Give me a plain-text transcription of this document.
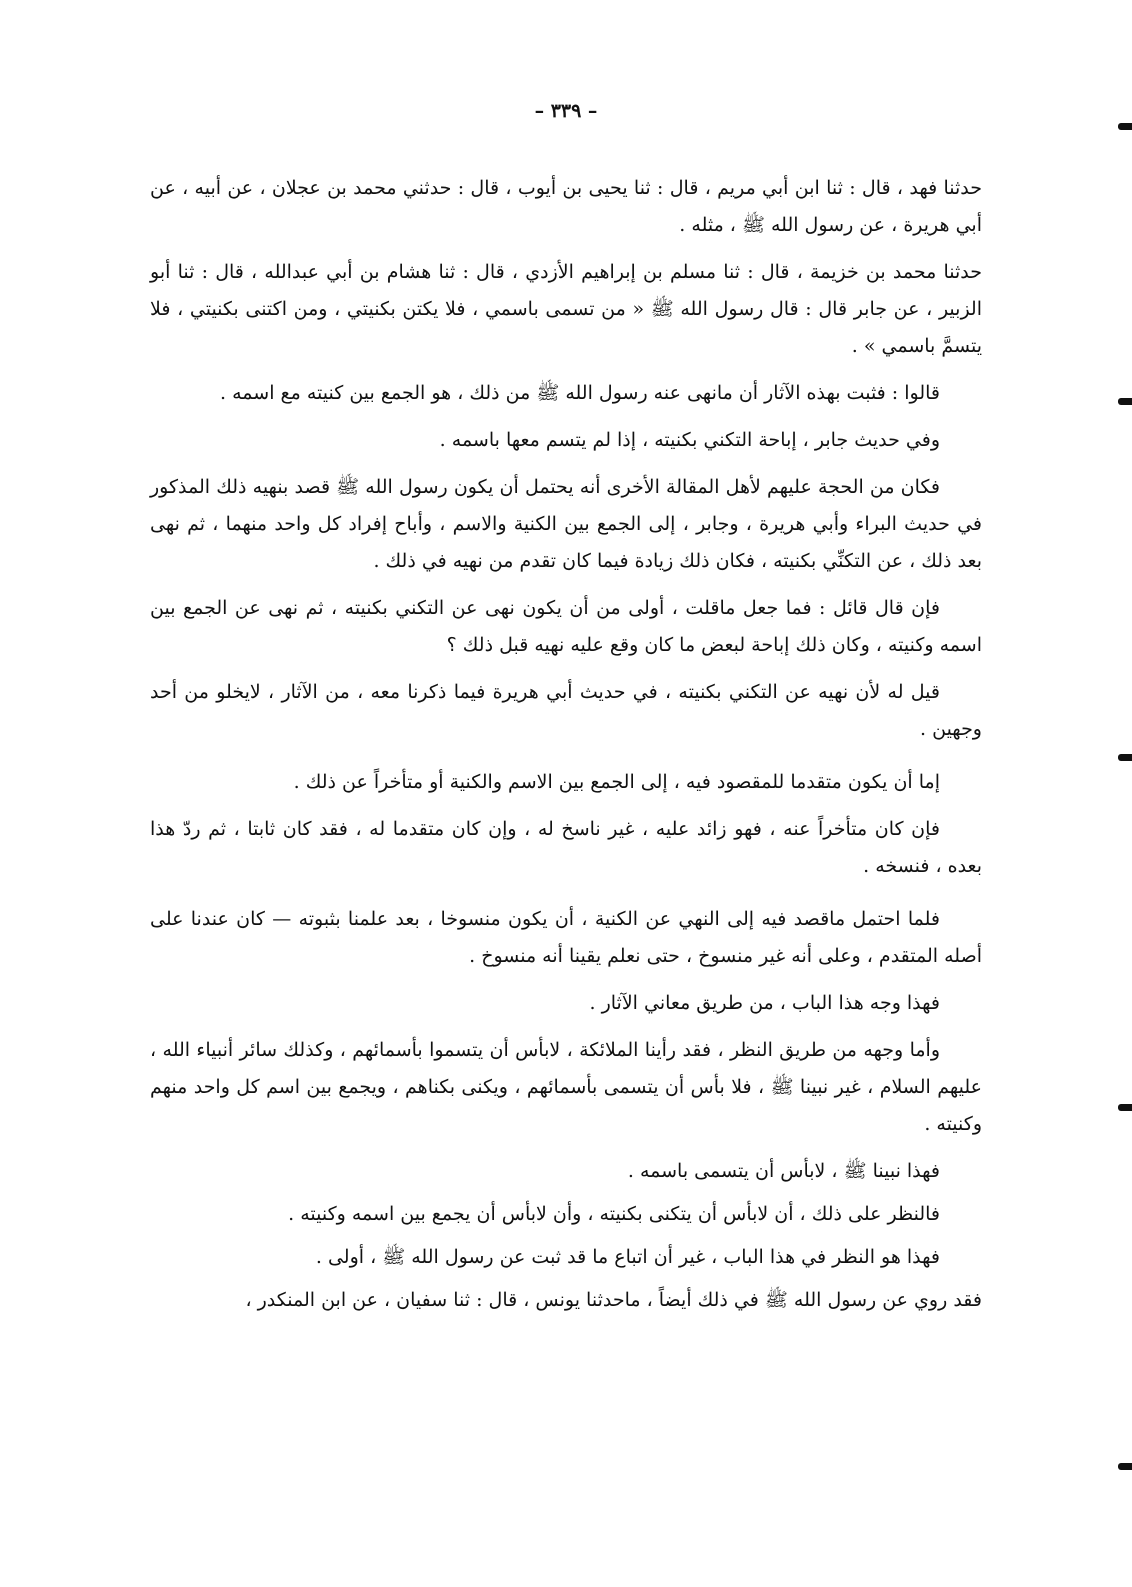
– ٣٣٩ –

حدثنا فهد ، قال : ثنا ابن أبي مريم ، قال : ثنا يحيى بن أيوب ، قال : حدثني محمد بن عجلان ، عن أبيه ، عن أبي هريرة ، عن رسول الله ﷺ ، مثله .

حدثنا محمد بن خزيمة ، قال : ثنا مسلم بن إبراهيم الأزدي ، قال : ثنا هشام بن أبي عبدالله ، قال : ثنا أبو الزبير ، عن جابر قال : قال رسول الله ﷺ « من تسمى باسمي ، فلا يكتن بكنيتي ، ومن اكتنى بكنيتي ، فلا يتسمَّ باسمي » .

قالوا : فثبت بهذه الآثار أن مانهى عنه رسول الله ﷺ من ذلك ، هو الجمع بين كنيته مع اسمه .

وفي حديث جابر ، إباحة التكني بكنيته ، إذا لم يتسم معها باسمه .

فكان من الحجة عليهم لأهل المقالة الأخرى أنه يحتمل أن يكون رسول الله ﷺ قصد بنهيه ذلك المذكور في حديث البراء وأبي هريرة ، وجابر ، إلى الجمع بين الكنية والاسم ، وأباح إفراد كل واحد منهما ، ثم نهى بعد ذلك ، عن التكنِّي بكنيته ، فكان ذلك زيادة فيما كان تقدم من نهيه في ذلك .

فإن قال قائل : فما جعل ماقلت ، أولى من أن يكون نهى عن التكني بكنيته ، ثم نهى عن الجمع بين اسمه وكنيته ، وكان ذلك إباحة لبعض ما كان وقع عليه نهيه قبل ذلك ؟

قيل له لأن نهيه عن التكني بكنيته ، في حديث أبي هريرة فيما ذكرنا معه ، من الآثار ، لايخلو من أحد وجهين .

إما أن يكون متقدما للمقصود فيه ، إلى الجمع بين الاسم والكنية أو متأخراً عن ذلك .

فإن كان متأخراً عنه ، فهو زائد عليه ، غير ناسخ له ، وإن كان متقدما له ، فقد كان ثابتا ، ثم ردّ هذا بعده ، فنسخه .

فلما احتمل ماقصد فيه إلى النهي عن الكنية ، أن يكون منسوخا ، بعد علمنا بثبوته — كان عندنا على أصله المتقدم ، وعلى أنه غير منسوخ ، حتى نعلم يقينا أنه منسوخ .

فهذا وجه هذا الباب ، من طريق معاني الآثار .

وأما وجهه من طريق النظر ، فقد رأينا الملائكة ، لابأس أن يتسموا بأسمائهم ، وكذلك سائر أنبياء الله ، عليهم السلام ، غير نبينا ﷺ ، فلا بأس أن يتسمى بأسمائهم ، ويكنى بكناهم ، ويجمع بين اسم كل واحد منهم وكنيته .

فهذا نبينا ﷺ ، لابأس أن يتسمى باسمه .

فالنظر على ذلك ، أن لابأس أن يتكنى بكنيته ، وأن لابأس أن يجمع بين اسمه وكنيته .

فهذا هو النظر في هذا الباب ، غير أن اتباع ما قد ثبت عن رسول الله ﷺ ، أولى .

فقد روي عن رسول الله ﷺ في ذلك أيضاً ، ماحدثنا يونس ، قال : ثنا سفيان ، عن ابن المنكدر ،
